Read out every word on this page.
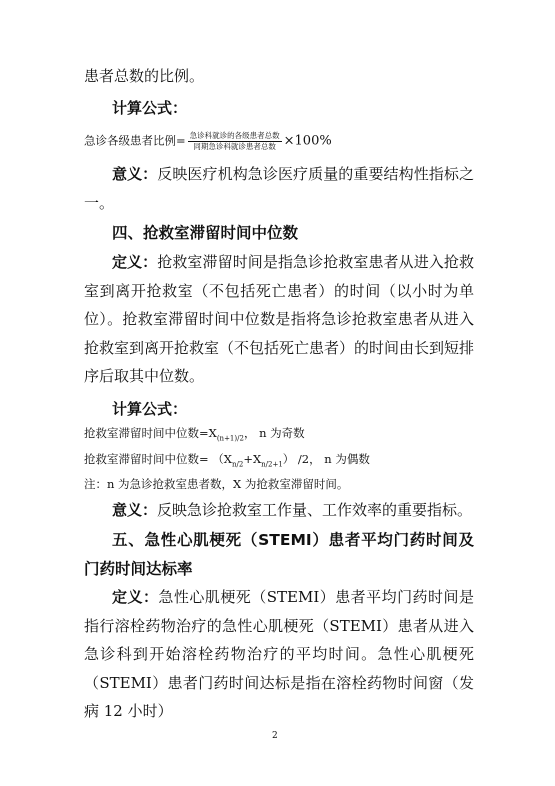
患者总数的比例。
计算公式：
急诊各级患者比例= $\frac{\text{急诊科就诊的各级患者总数}}{\text{同期急诊科就诊患者总数}} \times 100\%$
意义：反映医疗机构急诊医疗质量的重要结构性指标之一。
四、抢救室滞留时间中位数
定义：抢救室滞留时间是指急诊抢救室患者从进入抢救室到离开抢救室（不包括死亡患者）的时间（以小时为单位）。抢救室滞留时间中位数是指将急诊抢救室患者从进入抢救室到离开抢救室（不包括死亡患者）的时间由长到短排序后取其中位数。
计算公式：
抢救室滞留时间中位数$=X_{(n+1)/2}$， n 为奇数
抢救室滞留时间中位数= $(X_{n/2}+X_{n/2+1})$ /2， n 为偶数
注：n 为急诊抢救室患者数，X 为抢救室滞留时间。
意义：反映急诊抢救室工作量、工作效率的重要指标。
五、急性心肌梗死（STEMI）患者平均门药时间及门药时间达标率
定义：急性心肌梗死（STEMI）患者平均门药时间是指行溶栓药物治疗的急性心肌梗死（STEMI）患者从进入急诊科到开始溶栓药物治疗的平均时间。急性心肌梗死（STEMI）患者门药时间达标是指在溶栓药物时间窗（发病 12 小时）
2
